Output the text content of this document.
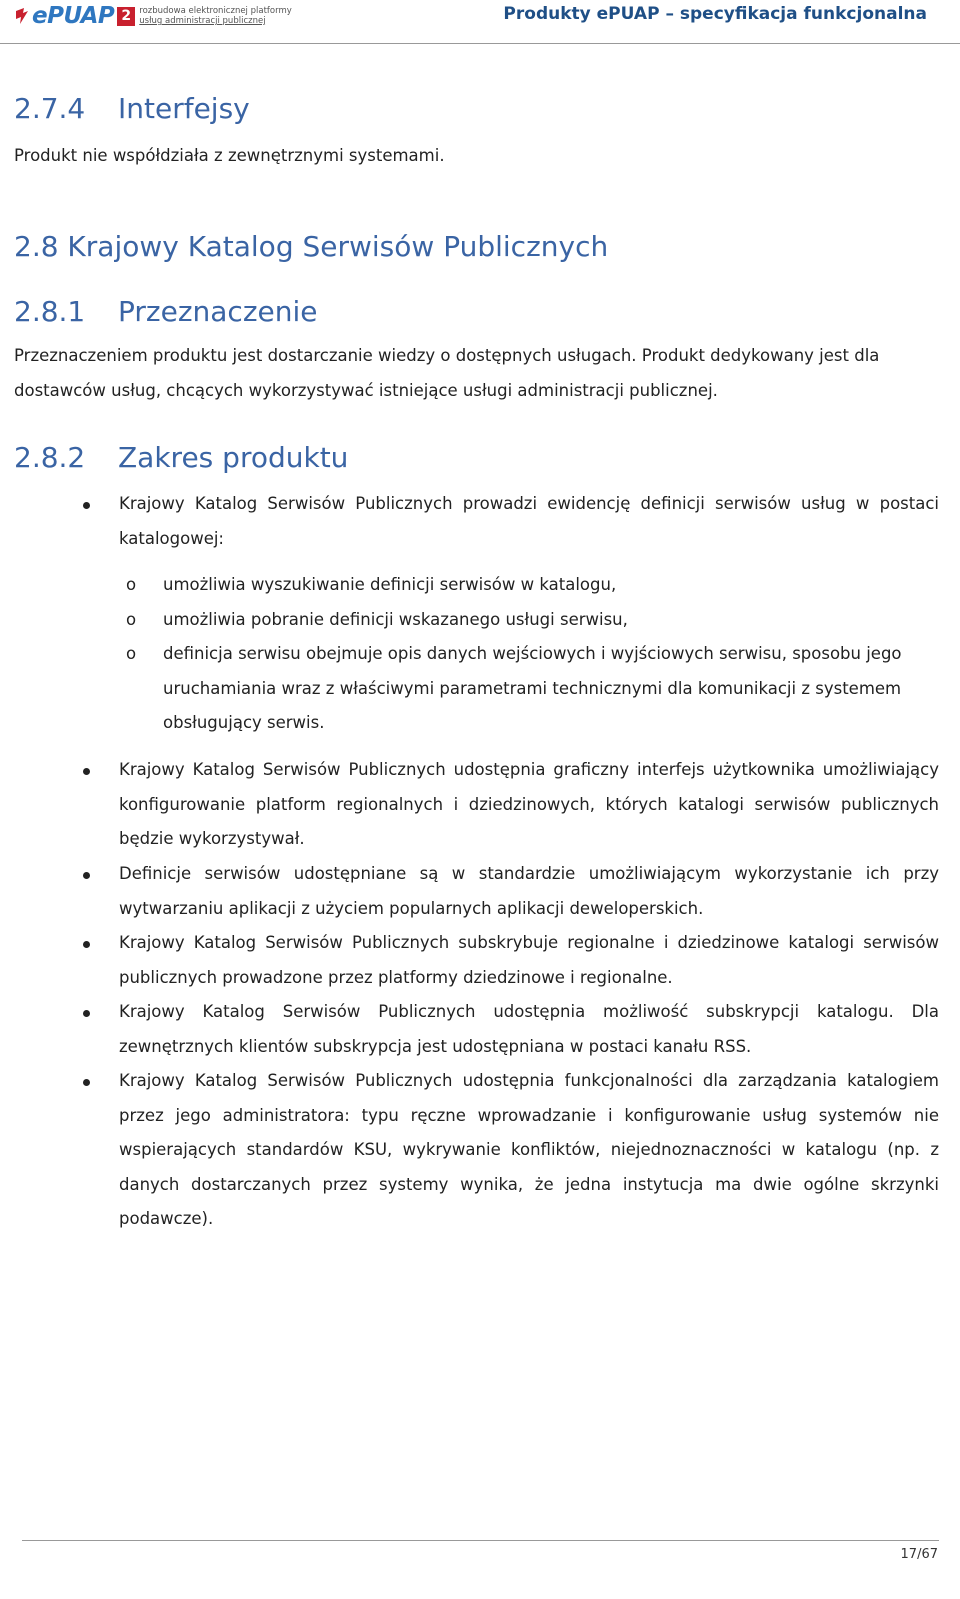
ePUAP 2 rozbudowa elektronicznej platformy
usług administracji publicznej	Produkty ePUAP – specyfikacja funkcjonalna
2.7.4 Interfejsy
Produkt nie współdziała z zewnętrznymi systemami.
2.8 Krajowy Katalog Serwisów Publicznych
2.8.1 Przeznaczenie
Przeznaczeniem produktu jest dostarczanie wiedzy o dostępnych usługach. Produkt dedykowany jest dla dostawców usług, chcących wykorzystywać istniejące usługi administracji publicznej.
2.8.2 Zakres produktu
Krajowy Katalog Serwisów Publicznych prowadzi ewidencję definicji serwisów usług w postaci katalogowej:
o umożliwia wyszukiwanie definicji serwisów w katalogu,
o umożliwia pobranie definicji wskazanego usługi serwisu,
o definicja serwisu obejmuje opis danych wejściowych i wyjściowych serwisu, sposobu jego uruchamiania wraz z właściwymi parametrami technicznymi dla komunikacji z systemem obsługujący serwis.
Krajowy Katalog Serwisów Publicznych udostępnia graficzny interfejs użytkownika umożliwiający konfigurowanie platform regionalnych i dziedzinowych, których katalogi serwisów publicznych będzie wykorzystywał.
Definicje serwisów udostępniane są w standardzie umożliwiającym wykorzystanie ich przy wytwarzaniu aplikacji z użyciem popularnych aplikacji deweloperskich.
Krajowy Katalog Serwisów Publicznych subskrybuje regionalne i dziedzinowe katalogi serwisów publicznych prowadzone przez platformy dziedzinowe i regionalne.
Krajowy Katalog Serwisów Publicznych udostępnia możliwość subskrypcji katalogu. Dla zewnętrznych klientów subskrypcja jest udostępniana w postaci kanału RSS.
Krajowy Katalog Serwisów Publicznych udostępnia funkcjonalności dla zarządzania katalogiem przez jego administratora: typu ręczne wprowadzanie i konfigurowanie usług systemów nie wspierających standardów KSU, wykrywanie konfliktów, niejednoznaczności w katalogu (np. z danych dostarczanych przez systemy wynika, że jedna instytucja ma dwie ogólne skrzynki podawcze).
17/67
